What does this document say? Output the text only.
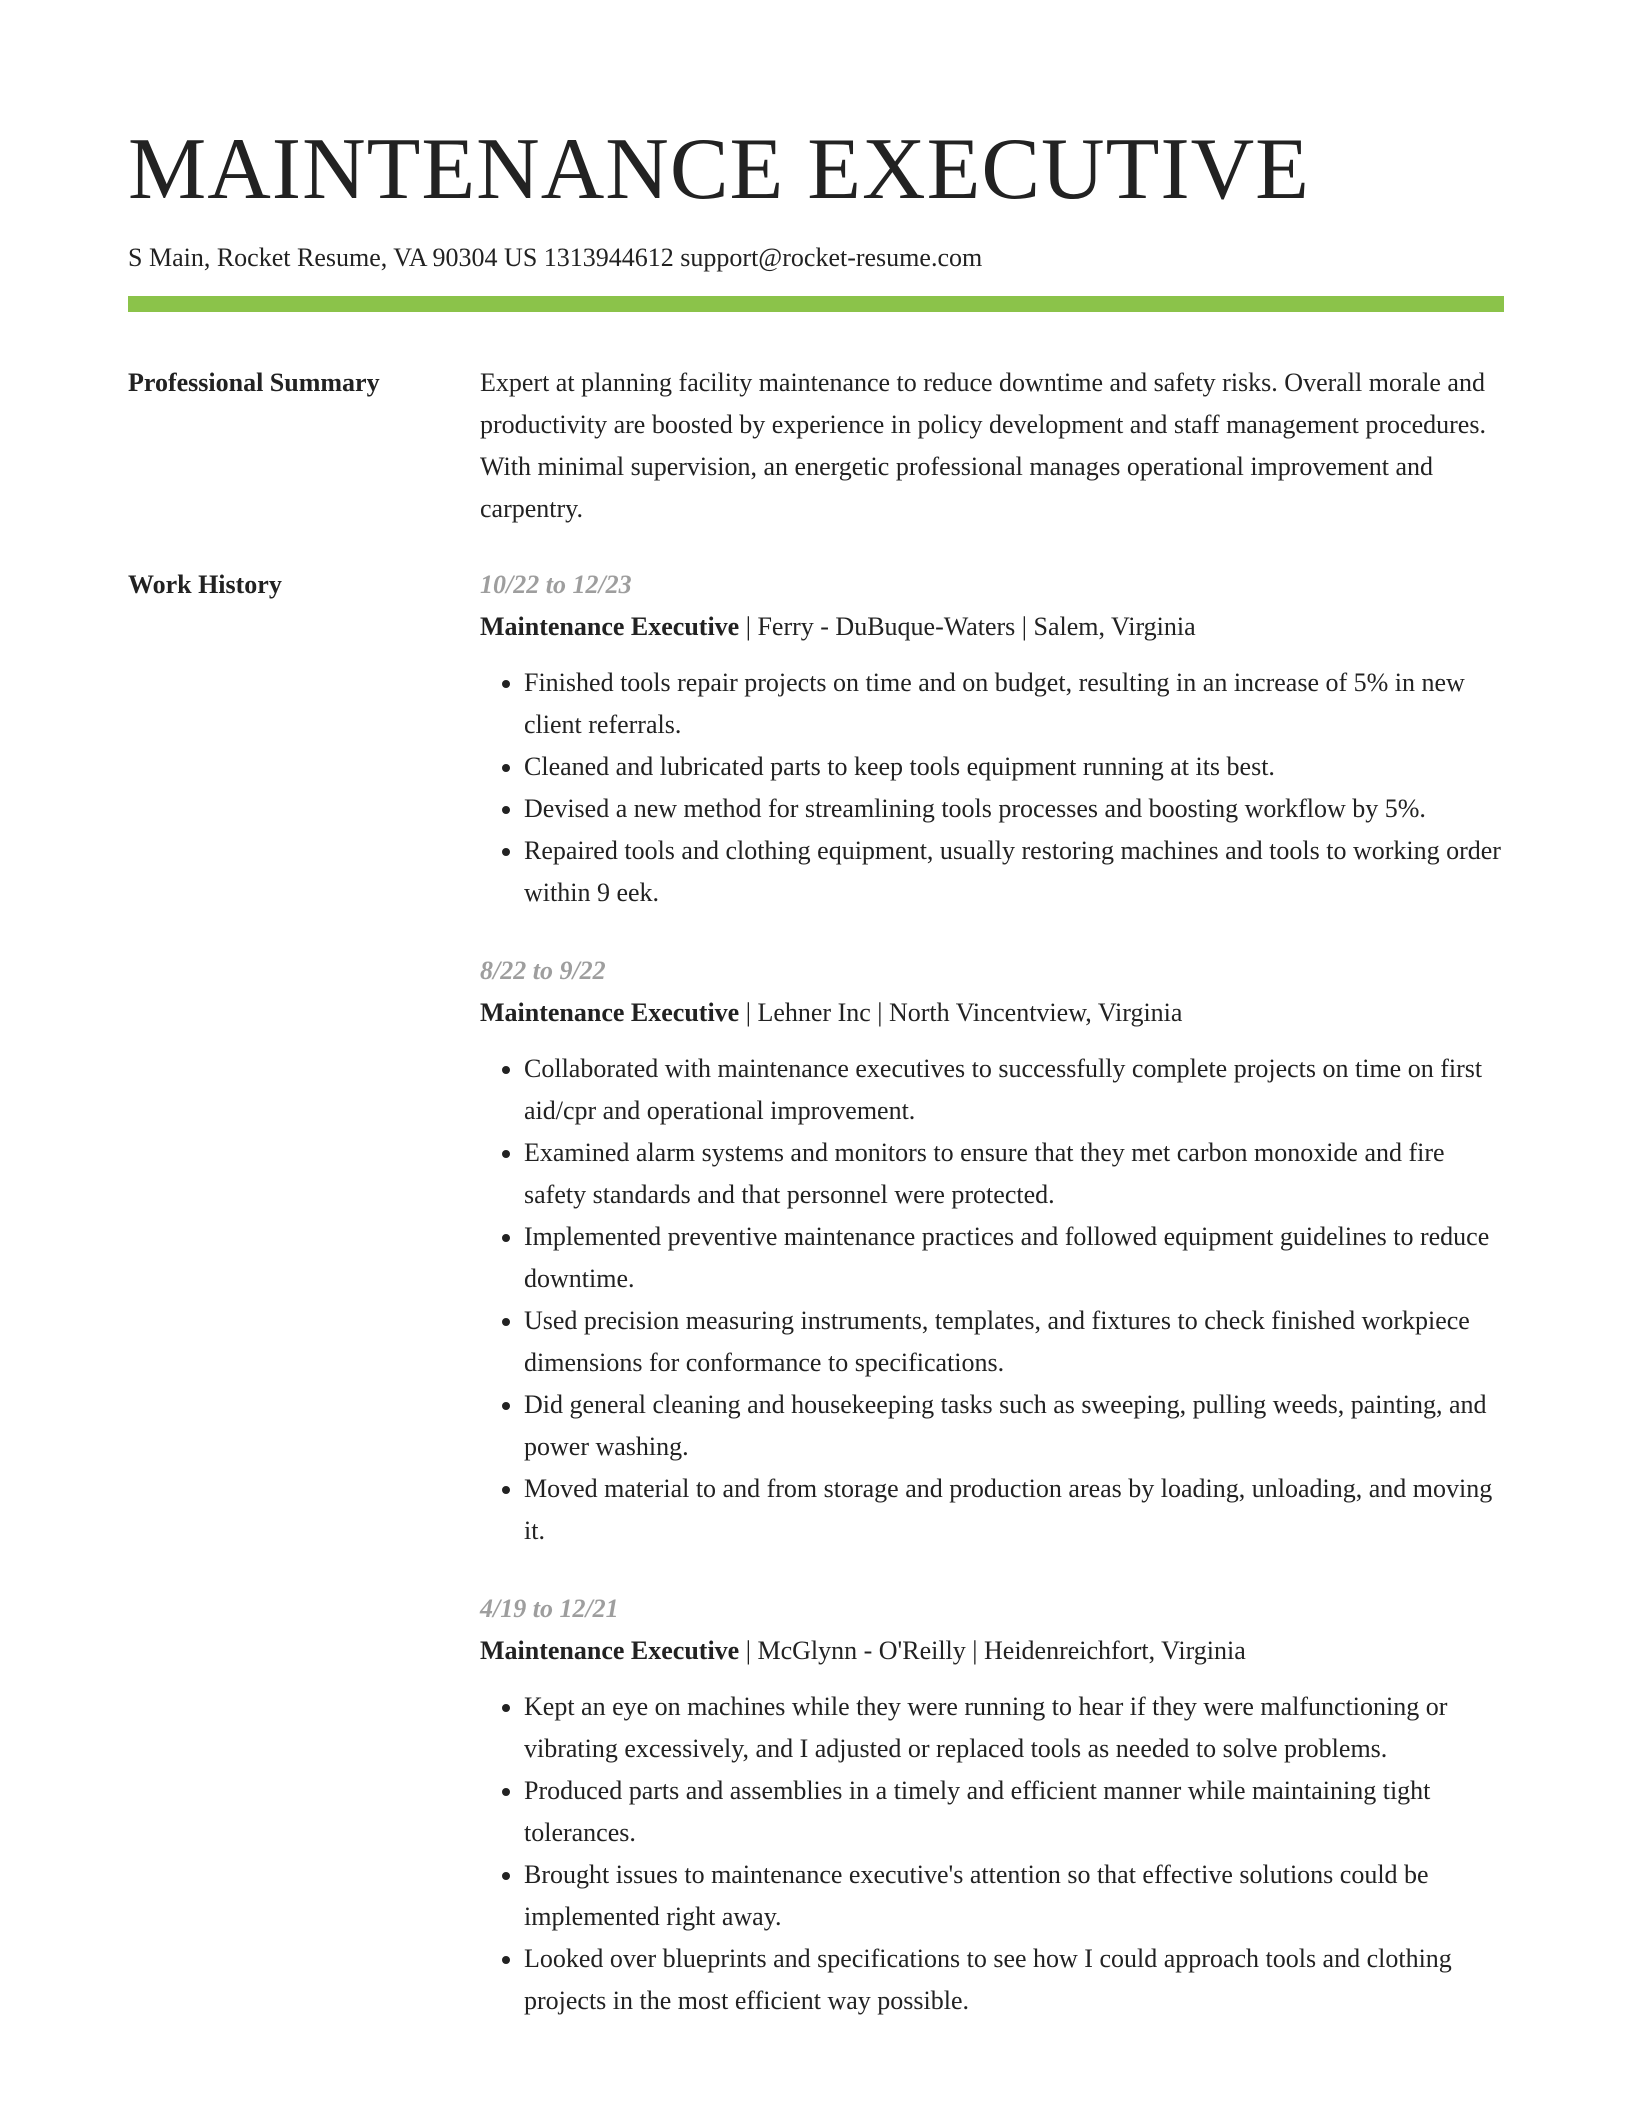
MAINTENANCE EXECUTIVE
S Main, Rocket Resume, VA 90304 US 1313944612 support@rocket-resume.com
Professional Summary	Expert at planning facility maintenance to reduce downtime and safety risks. Overall morale and productivity are boosted by experience in policy development and staff management procedures. With minimal supervision, an energetic professional manages operational improvement and carpentry.

Work History	10/22 to 12/23
Maintenance Executive | Ferry - DuBuque-Waters | Salem, Virginia
• Finished tools repair projects on time and on budget, resulting in an increase of 5% in new client referrals.
• Cleaned and lubricated parts to keep tools equipment running at its best.
• Devised a new method for streamlining tools processes and boosting workflow by 5%.
• Repaired tools and clothing equipment, usually restoring machines and tools to working order within 9 eek.
8/22 to 9/22
Maintenance Executive | Lehner Inc | North Vincentview, Virginia
• Collaborated with maintenance executives to successfully complete projects on time on first aid/cpr and operational improvement.
• Examined alarm systems and monitors to ensure that they met carbon monoxide and fire safety standards and that personnel were protected.
• Implemented preventive maintenance practices and followed equipment guidelines to reduce downtime.
• Used precision measuring instruments, templates, and fixtures to check finished workpiece dimensions for conformance to specifications.
• Did general cleaning and housekeeping tasks such as sweeping, pulling weeds, painting, and power washing.
• Moved material to and from storage and production areas by loading, unloading, and moving it.
4/19 to 12/21
Maintenance Executive | McGlynn - O'Reilly | Heidenreichfort, Virginia
• Kept an eye on machines while they were running to hear if they were malfunctioning or vibrating excessively, and I adjusted or replaced tools as needed to solve problems.
• Produced parts and assemblies in a timely and efficient manner while maintaining tight tolerances.
• Brought issues to maintenance executive's attention so that effective solutions could be implemented right away.
• Looked over blueprints and specifications to see how I could approach tools and clothing projects in the most efficient way possible.
